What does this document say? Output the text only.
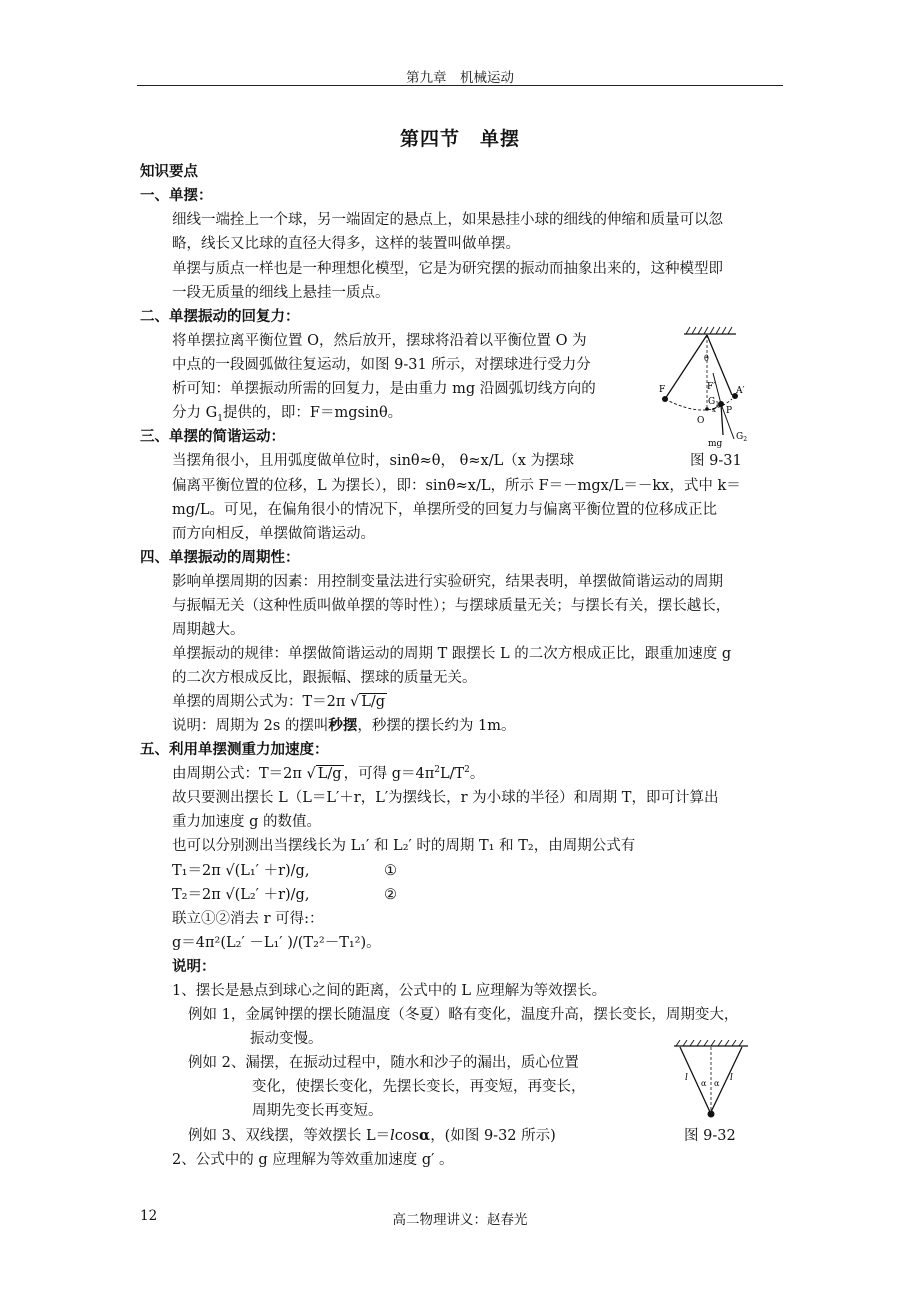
第九章　机械运动
第四节　单摆
知识要点
一、单摆：
细线一端拴上一个球，另一端固定的悬点上，如果悬挂小球的细线的伸缩和质量可以忽
略，线长又比球的直径大得多，这样的装置叫做单摆。
单摆与质点一样也是一种理想化模型，它是为研究摆的振动而抽象出来的，这种模型即
一段无质量的细线上悬挂一质点。
二、单摆振动的回复力：
将单摆拉离平衡位置 O，然后放开，摆球将沿着以平衡位置 O 为
中点的一段圆弧做往复运动，如图 9-31 所示，对摆球进行受力分
析可知：单摆振动所需的回复力，是由重力 mg 沿圆弧切线方向的
分力 $G_1$提供的，即：F＝mgsinθ。
θ
F	F′ A′
$G_1$
O
x P
mg
$G_2$
三、单摆的简谐运动：
图 9-31
当摆角很小，且用弧度做单位时，sinθ≈θ， θ≈x/L（x 为摆球
偏离平衡位置的位移，L 为摆长），即：sinθ≈x/L，所示 F＝－mgx/L＝－kx，式中 k＝
mg/L。可见，在偏角很小的情况下，单摆所受的回复力与偏离平衡位置的位移成正比
而方向相反，单摆做简谐运动。
四、单摆振动的周期性：
影响单摆周期的因素：用控制变量法进行实验研究，结果表明，单摆做简谐运动的周期
与振幅无关（这种性质叫做单摆的等时性）；与摆球质量无关；与摆长有关，摆长越长，
周期越大。
单摆振动的规律：单摆做简谐运动的周期 T 跟摆长 L 的二次方根成正比，跟重加速度 g
的二次方根成反比，跟振幅、摆球的质量无关。
单摆的周期公式为：T＝2π √ L/g
说明：周期为 2s 的摆叫秒摆，秒摆的摆长约为 1m。
五、利用单摆测重力加速度：
由周期公式：T＝2π √ L/g ，可得 $g=4\pi^2L/T^2$。
故只要测出摆长 L（L＝L′＋r，L′为摆线长，r 为小球的半径）和周期 T，即可计算出
重力加速度 g 的数值。
也可以分别测出当摆线长为 L₁′ 和 L₂′ 时的周期 T₁ 和 T₂，由周期公式有
T₁＝2π √(L₁′ ＋r)/g,	①
T₂＝2π √(L₂′ ＋r)/g,	②
联立①②消去 r 可得:：
g＝4π²(L₂′ －L₁′ )/(T₂²－T₁²)。
说明：
1、摆长是悬点到球心之间的距离，公式中的 L 应理解为等效摆长。
例如 1，金属钟摆的摆长随温度（冬夏）略有变化，温度升高，摆长变长，周期变大，
振动变慢。
例如 2、漏摆，在振动过程中，随水和沙子的漏出，质心位置
变化，使摆长变化，先摆长变长，再变短，再变长，
周期先变长再变短。
例如 3、双线摆，等效摆长 L＝lcosα，(如图 9-32 所示)	图 9-32
2、公式中的 g 应理解为等效重加速度 g′ 。
l	l
α α
12	高二物理讲义：赵春光
